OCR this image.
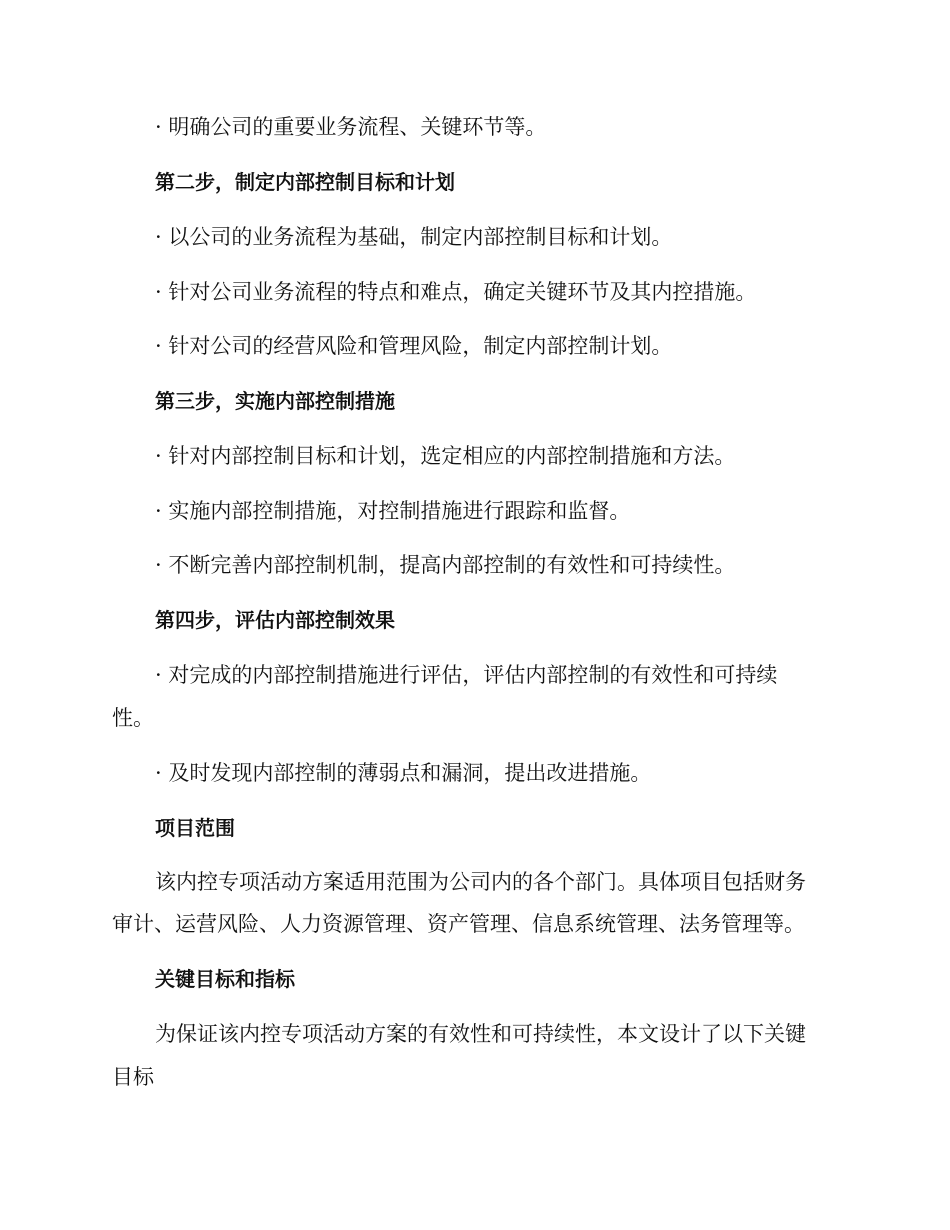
· 明确公司的重要业务流程、关键环节等。

第二步，制定内部控制目标和计划

· 以公司的业务流程为基础，制定内部控制目标和计划。

· 针对公司业务流程的特点和难点，确定关键环节及其内控措施。

· 针对公司的经营风险和管理风险，制定内部控制计划。

第三步，实施内部控制措施

· 针对内部控制目标和计划，选定相应的内部控制措施和方法。

· 实施内部控制措施，对控制措施进行跟踪和监督。

· 不断完善内部控制机制，提高内部控制的有效性和可持续性。

第四步，评估内部控制效果

· 对完成的内部控制措施进行评估，评估内部控制的有效性和可持续

性。

· 及时发现内部控制的薄弱点和漏洞，提出改进措施。

项目范围

该内控专项活动方案适用范围为公司内的各个部门。具体项目包括财务

审计、运营风险、人力资源管理、资产管理、信息系统管理、法务管理等。

关键目标和指标

为保证该内控专项活动方案的有效性和可持续性，本文设计了以下关键

目标
